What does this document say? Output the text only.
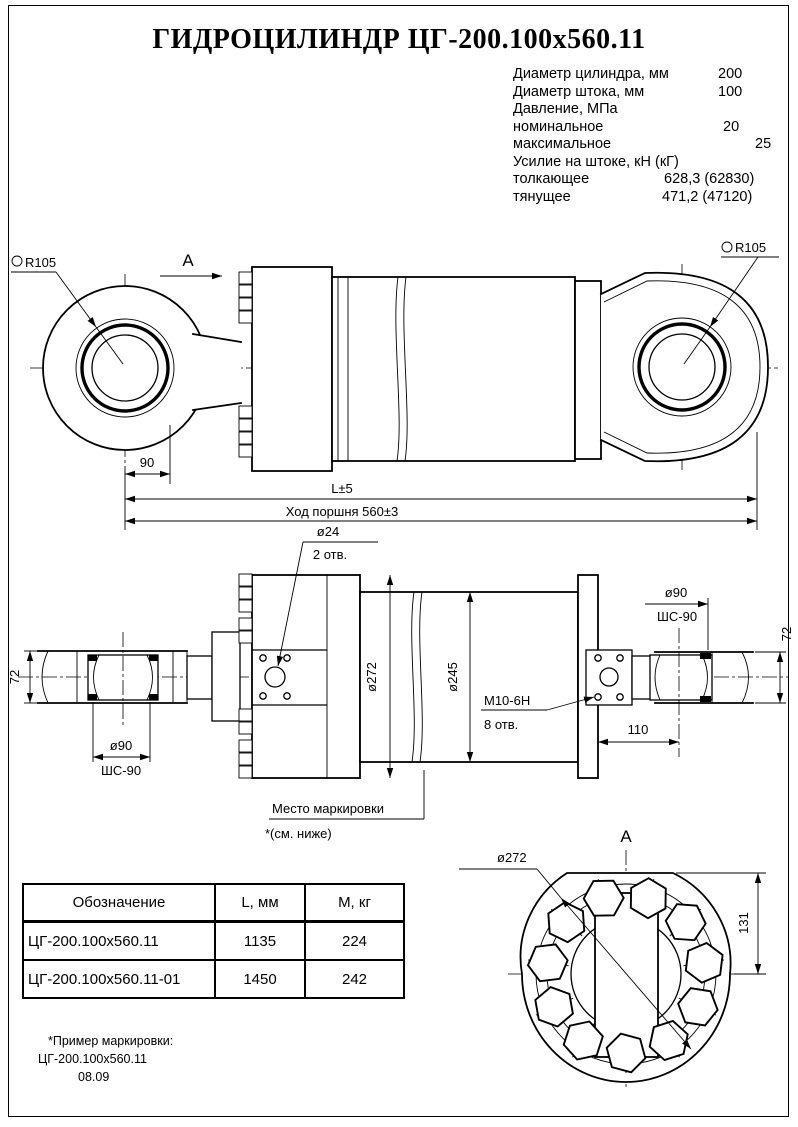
ГИДРОЦИЛИНДР ЦГ-200.100х560.11
Диаметр цилиндра, мм	200
Диаметр штока, мм	100
Давление, МПа
номинальное	20
максимальное	25
Усилие на штоке, кН (кГ)
толкающее	628,3 (62830)
тянущее	471,2 (47120)
А
R105
R105
90
L±5
Ход поршня 560±3
72
ø90
ШС-90
ø24
2 отв.
ø272	ø245
М10-6Н
8 отв.	110
ø90
ШС-90
72
Место маркировки
*(см. ниже)	А
ø272
131
Обозначение	L, мм	М, кг
ЦГ-200.100х560.11	1135	224
ЦГ-200.100х560.11-01	1450	242
*Пример маркировки:
ЦГ-200.100х560.11
08.09
